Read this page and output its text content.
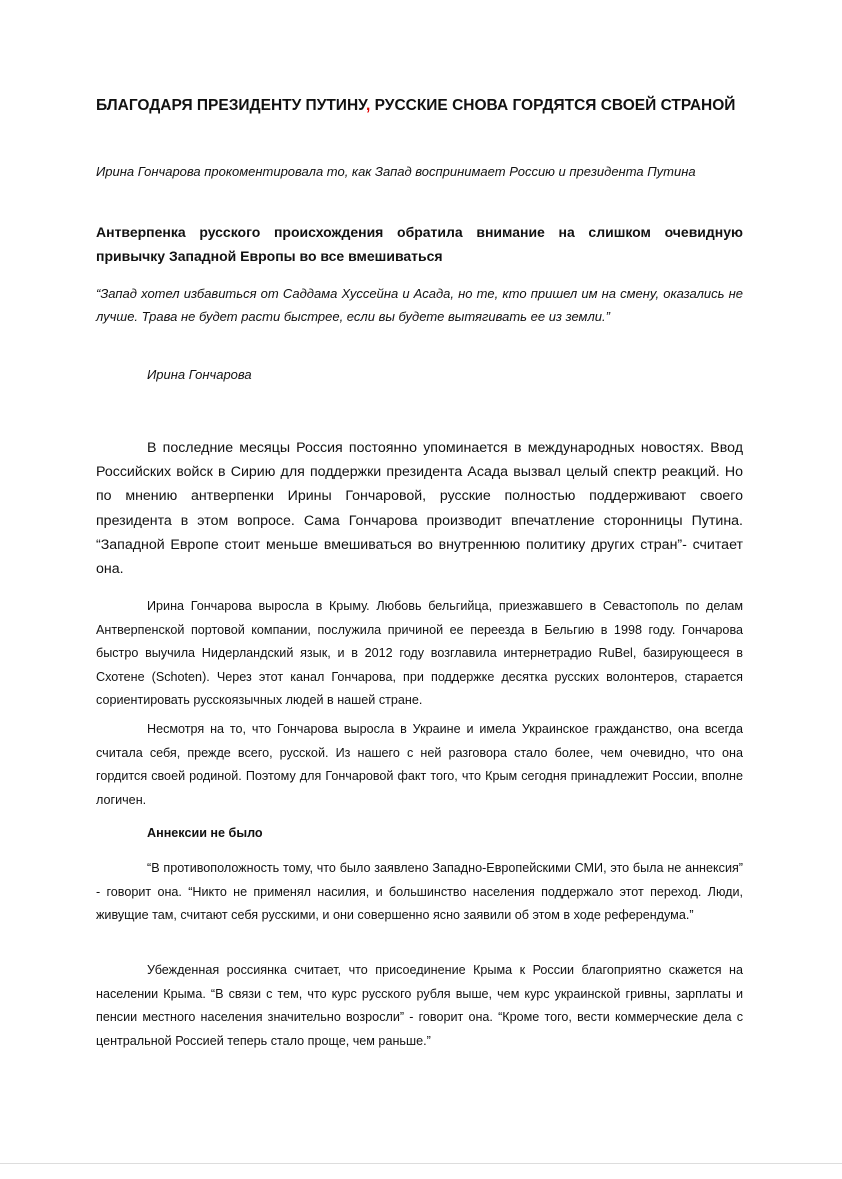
БЛАГОДАРЯ ПРЕЗИДЕНТУ ПУТИНУ, РУССКИЕ СНОВА ГОРДЯТСЯ СВОЕЙ СТРАНОЙ

Ирина Гончарова прокоментировала то, как Запад воспринимает Россию и президента Путина

Антверпенка русского происхождения обратила внимание на слишком очевидную привычку Западной Европы во все вмешиваться

“Запад хотел избавиться от Саддама Хуссейна и Асада, но те, кто пришел им на смену, оказались не лучше. Трава не будет расти быстрее, если вы будете вытягивать ее из земли.”

Ирина Гончарова

В последние месяцы Россия постоянно упоминается в международных новостях. Ввод Российских войск в Сирию для поддержки президента Асада вызвал целый спектр реакций. Но по мнению антверпенки Ирины Гончаровой, русские полностью поддерживают своего президента в этом вопросе. Сама Гончарова производит впечатление сторонницы Путина. “Западной Европе стоит меньше вмешиваться во внутреннюю политику других стран”- считает она.

Ирина Гончарова выросла в Крыму. Любовь бельгийца, приезжавшего в Севастополь по делам Антверпенской портовой компании, послужила причиной ее переезда в Бельгию в 1998 году. Гончарова быстро выучила Нидерландский язык, и в 2012 году возглавила интернетрадио RuBel, базирующееся в Схотене (Schoten). Через этот канал Гончарова, при поддержке десятка русских волонтеров, старается сориентировать русскоязычных людей в нашей стране.

Несмотря на то, что Гончарова выросла в Украине и имела Украинское гражданство, она всегда считала себя, прежде всего, русской. Из нашего с ней разговора стало более, чем очевидно, что она гордится своей родиной. Поэтому для Гончаровой факт того, что Крым сегодня принадлежит России, вполне логичен.

Аннексии не было

“В противоположность тому, что было заявлено Западно-Европейскими СМИ, это была не аннексия” - говорит она. “Никто не применял насилия, и большинство населения поддержало этот переход. Люди, живущие там, считают себя русскими, и они совершенно ясно заявили об этом в ходе референдума.”

Убежденная россиянка считает, что присоединение Крыма к России благоприятно скажется на населении Крыма. “В связи с тем, что курс русского рубля выше, чем курс украинской гривны, зарплаты и пенсии местного населения значительно возросли” - говорит она. “Кроме того, вести коммерческие дела с центральной Россией теперь стало проще, чем раньше.”
